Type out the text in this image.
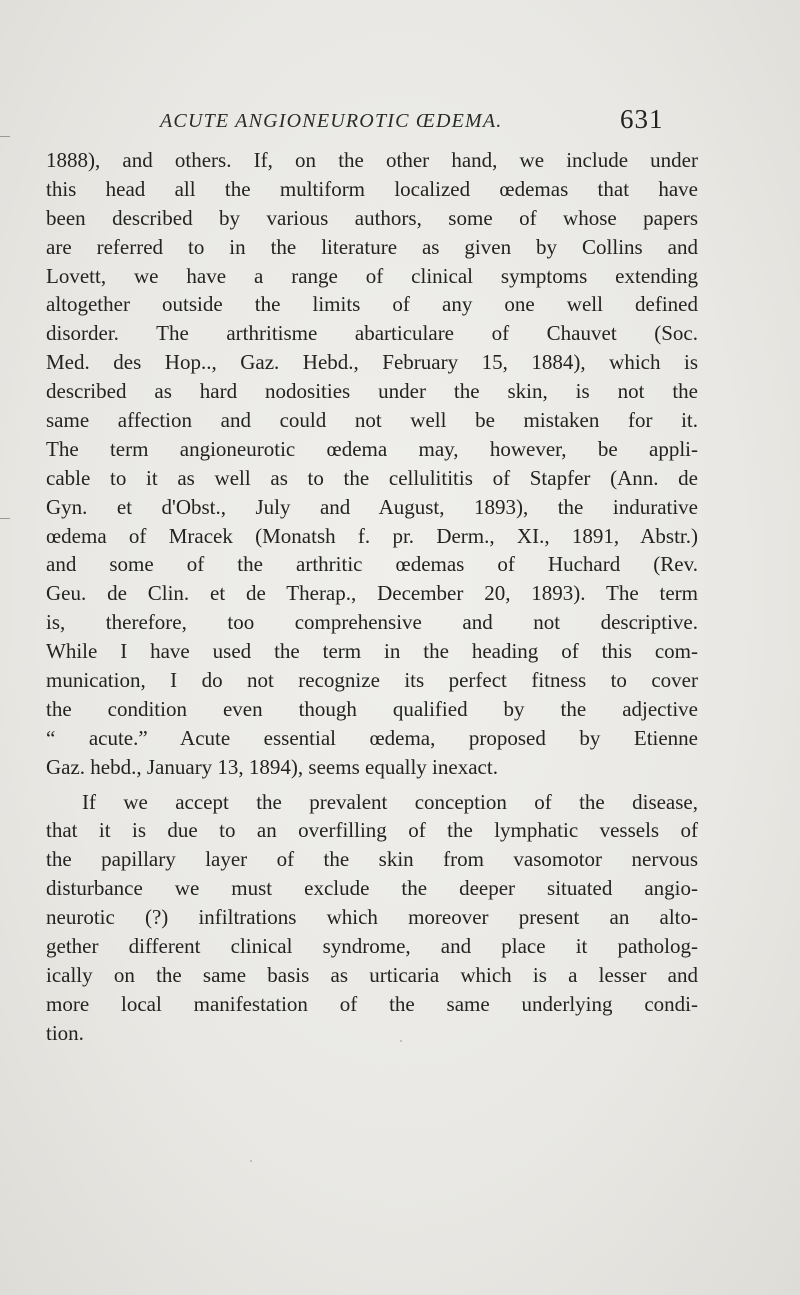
ACUTE ANGIONEUROTIC ŒDEMA.	631
1888), and others. If, on the other hand, we include under
this head all the multiform localized œdemas that have
been described by various authors, some of whose papers
are referred to in the literature as given by Collins and
Lovett, we have a range of clinical symptoms extending
altogether outside the limits of any one well defined
disorder. The arthritisme abarticulare of Chauvet (Soc.
Med. des Hop.., Gaz. Hebd., February 15, 1884), which is
described as hard nodosities under the skin, is not the
same affection and could not well be mistaken for it.
The term angioneurotic œdema may, however, be appli-
cable to it as well as to the cellulititis of Stapfer (Ann. de
Gyn. et d'Obst., July and August, 1893), the indurative
œdema of Mracek (Monatsh f. pr. Derm., XI., 1891, Abstr.)
and some of the arthritic œdemas of Huchard (Rev.
Geu. de Clin. et de Therap., December 20, 1893). The term
is, therefore, too comprehensive and not descriptive.
While I have used the term in the heading of this com-
munication, I do not recognize its perfect fitness to cover
the condition even though qualified by the adjective
“ acute.” Acute essential œdema, proposed by Etienne
Gaz. hebd., January 13, 1894), seems equally inexact.
If we accept the prevalent conception of the disease,
that it is due to an overfilling of the lymphatic vessels of
the papillary layer of the skin from vasomotor nervous
disturbance we must exclude the deeper situated angio-
neurotic (?) infiltrations which moreover present an alto-
gether different clinical syndrome, and place it patholog-
ically on the same basis as urticaria which is a lesser and
more local manifestation of the same underlying condi-
tion.
